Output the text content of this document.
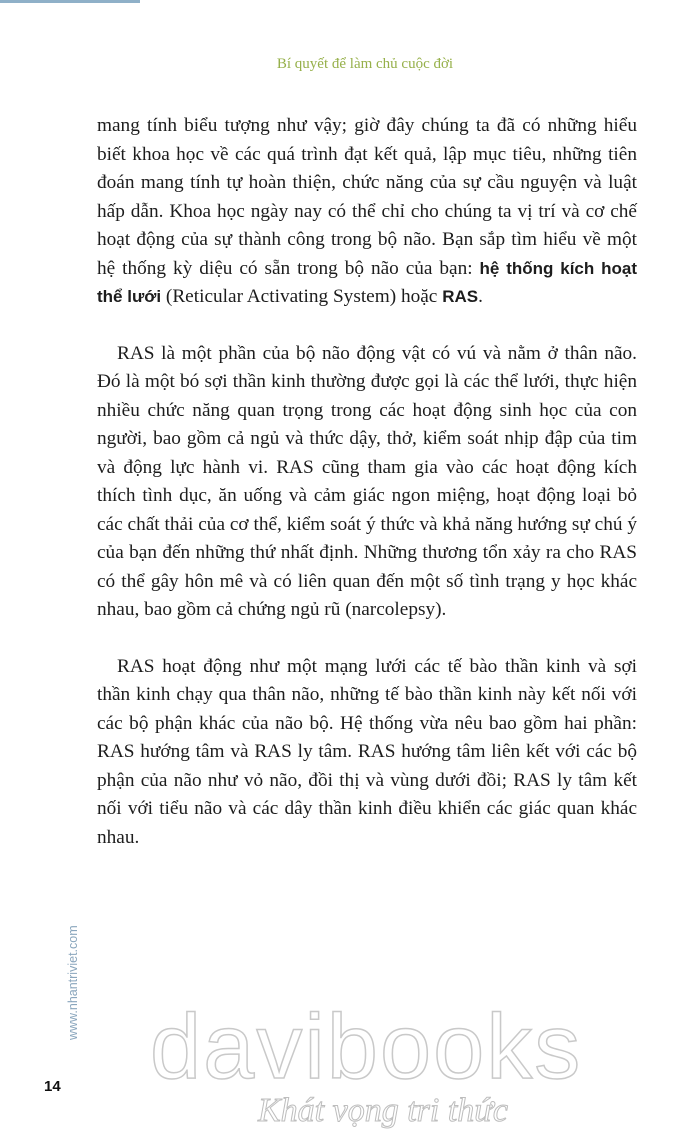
Bí quyết để làm chủ cuộc đời

mang tính biểu tượng như vậy; giờ đây chúng ta đã có những hiểu biết khoa học về các quá trình đạt kết quả, lập mục tiêu, những tiên đoán mang tính tự hoàn thiện, chức năng của sự cầu nguyện và luật hấp dẫn. Khoa học ngày nay có thể chỉ cho chúng ta vị trí và cơ chế hoạt động của sự thành công trong bộ não. Bạn sắp tìm hiểu về một hệ thống kỳ diệu có sẵn trong bộ não của bạn: hệ thống kích hoạt thể lưới (Reticular Activating System) hoặc RAS.

RAS là một phần của bộ não động vật có vú và nằm ở thân não. Đó là một bó sợi thần kinh thường được gọi là các thể lưới, thực hiện nhiều chức năng quan trọng trong các hoạt động sinh học của con người, bao gồm cả ngủ và thức dậy, thở, kiểm soát nhịp đập của tim và động lực hành vi. RAS cũng tham gia vào các hoạt động kích thích tình dục, ăn uống và cảm giác ngon miệng, hoạt động loại bỏ các chất thải của cơ thể, kiểm soát ý thức và khả năng hướng sự chú ý của bạn đến những thứ nhất định. Những thương tổn xảy ra cho RAS có thể gây hôn mê và có liên quan đến một số tình trạng y học khác nhau, bao gồm cả chứng ngủ rũ (narcolepsy).

RAS hoạt động như một mạng lưới các tế bào thần kinh và sợi thần kinh chạy qua thân não, những tế bào thần kinh này kết nối với các bộ phận khác của não bộ. Hệ thống vừa nêu bao gồm hai phần: RAS hướng tâm và RAS ly tâm. RAS hướng tâm liên kết với các bộ phận của não như vỏ não, đồi thị và vùng dưới đồi; RAS ly tâm kết nối với tiểu não và các dây thần kinh điều khiển các giác quan khác nhau.

www.nhantriviet.com
14 davibooks
Khát vọng tri thức
